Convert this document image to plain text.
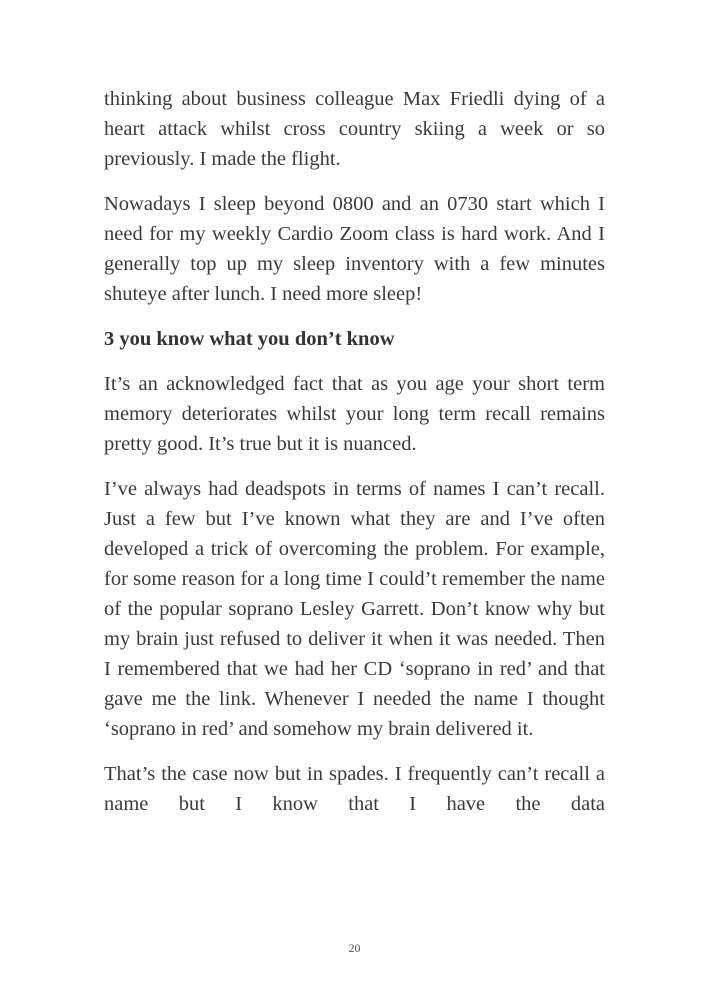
thinking about business colleague Max Friedli dying of a heart attack whilst cross country skiing a week or so previously. I made the flight.

Nowadays I sleep beyond 0800 and an 0730 start which I need for my weekly Cardio Zoom class is hard work. And I generally top up my sleep inventory with a few minutes shuteye after lunch. I need more sleep!

3 you know what you don’t know

It’s an acknowledged fact that as you age your short term memory deteriorates whilst your long term recall remains pretty good. It’s true but it is nuanced.

I’ve always had deadspots in terms of names I can’t recall. Just a few but I’ve known what they are and I’ve often developed a trick of overcoming the problem. For example, for some reason for a long time I could’t remember the name of the popular soprano Lesley Garrett. Don’t know why but my brain just refused to deliver it when it was needed. Then I remembered that we had her CD ‘soprano in red’ and that gave me the link. Whenever I needed the name I thought ‘soprano in red’ and somehow my brain delivered it.

That’s the case now but in spades. I frequently can’t recall a name but I know that I have the data

20
